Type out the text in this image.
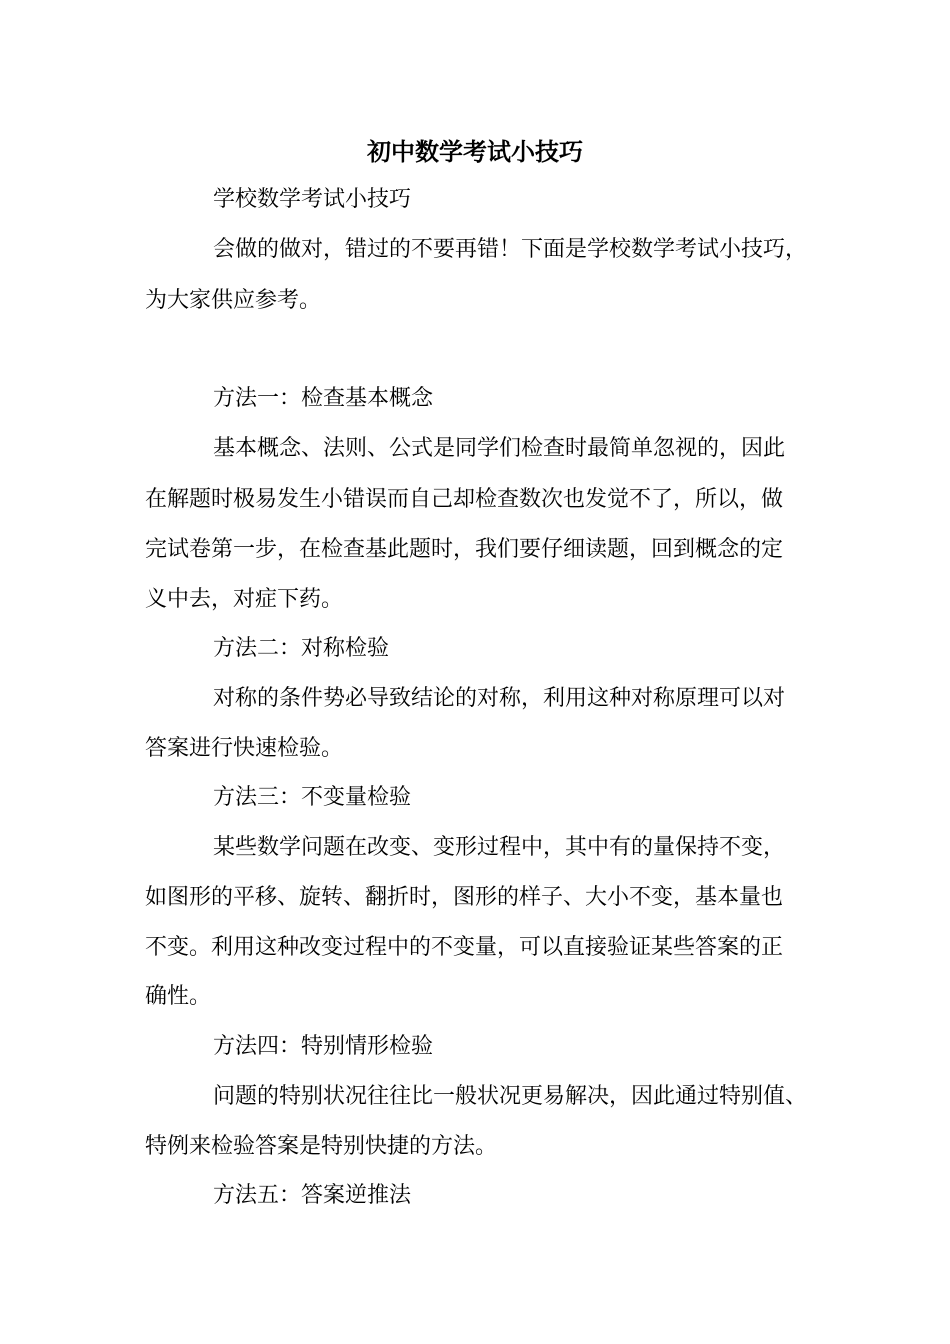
初中数学考试小技巧
学校数学考试小技巧
会做的做对，错过的不要再错！下面是学校数学考试小技巧，
为大家供应参考。
方法一：检查基本概念
基本概念、法则、公式是同学们检查时最简单忽视的，因此
在解题时极易发生小错误而自己却检查数次也发觉不了，所以，做
完试卷第一步，在检查基此题时，我们要仔细读题，回到概念的定
义中去，对症下药。
方法二：对称检验
对称的条件势必导致结论的对称，利用这种对称原理可以对
答案进行快速检验。
方法三：不变量检验
某些数学问题在改变、变形过程中，其中有的量保持不变，
如图形的平移、旋转、翻折时，图形的样子、大小不变，基本量也
不变。利用这种改变过程中的不变量，可以直接验证某些答案的正
确性。
方法四：特别情形检验
问题的特别状况往往比一般状况更易解决，因此通过特别值、
特例来检验答案是特别快捷的方法。
方法五：答案逆推法
